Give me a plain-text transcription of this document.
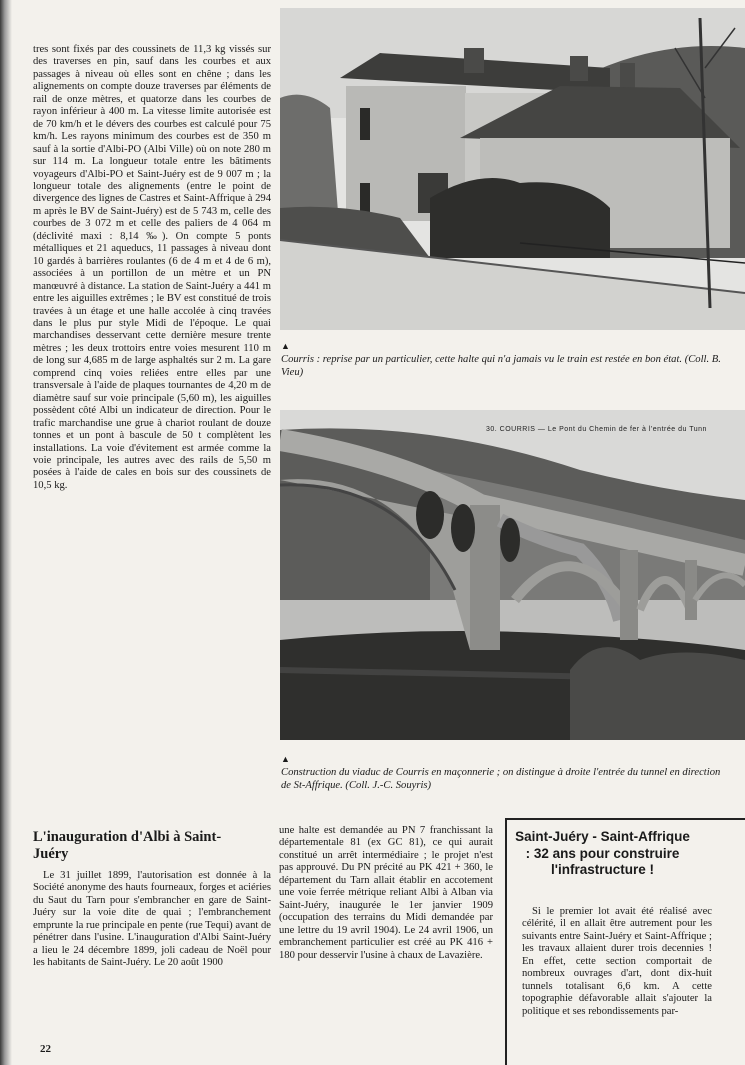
tres sont fixés par des coussinets de 11,3 kg vissés sur des traverses en pin, sauf dans les courbes et aux passages à niveau où elles sont en chêne ; dans les alignements on compte douze traverses par éléments de rail de onze mètres, et quatorze dans les courbes de rayon inférieur à 400 m. La vitesse limite autorisée est de 70 km/h et le dévers des courbes est calculé pour 75 km/h. Les rayons minimum des courbes est de 350 m sauf à la sortie d'Albi-PO (Albi Ville) où on note 280 m sur 114 m. La longueur totale entre les bâtiments voyageurs d'Albi-PO et Saint-Juéry est de 9 007 m ; la longueur totale des alignements (entre le point de divergence des lignes de Castres et Saint-Affrique à 294 m après le BV de Saint-Juéry) est de 5 743 m, celle des courbes de 3 072 m et celle des paliers de 4 064 m (déclivité maxi : 8,14 ‰). On compte 5 ponts métalliques et 21 aqueducs, 11 passages à niveau dont 10 gardés à barrières roulantes (6 de 4 m et 4 de 6 m), associées à un portillon de un mètre et un PN manœuvré à distance. La station de Saint-Juéry a 441 m entre les aiguilles extrêmes ; le BV est constitué de trois travées à un étage et une halle accolée à cinq travées dans le plus pur style Midi de l'époque. Le quai marchandises desservant cette dernière mesure trente mètres ; les deux trottoirs entre voies mesurent 110 m de long sur 4,685 m de large asphaltés sur 2 m. La gare comprend cinq voies reliées entre elles par une transversale à l'aide de plaques tournantes de 4,20 m de diamètre sauf sur voie principale (5,60 m), les aiguilles possèdent côté Albi un indicateur de direction. Pour le trafic marchandise une grue à chariot roulant de douze tonnes et un pont à bascule de 50 t complètent les installations. La voie d'évitement est armée comme la voie principale, les autres avec des rails de 5,50 m posées à l'aide de cales en bois sur des coussinets de 10,5 kg.

▲
Courris : reprise par un particulier, cette halte qui n'a jamais vu le train est restée en bon état. (Coll. B. Vieu)

30. COURRIS — Le Pont du Chemin de fer à l'entrée du Tunn

▲
Construction du viaduc de Courris en maçonnerie ; on distingue à droite l'entrée du tunnel en direction de St-Affrique. (Coll. J.-C. Souyris)

L'inauguration d'Albi à Saint-Juéry

Le 31 juillet 1899, l'autorisation est donnée à la Société anonyme des hauts fourneaux, forges et aciéries du Saut du Tarn pour s'embrancher en gare de Saint-Juéry sur la voie dite de quai ; l'embranchement emprunte la rue principale en pente (rue Tequi) avant de pénétrer dans l'usine. L'inauguration d'Albi Saint-Juéry a lieu le 24 décembre 1899, joli cadeau de Noël pour les habitants de Saint-Juéry. Le 20 août 1900

une halte est demandée au PN 7 franchissant la départementale 81 (ex GC 81), ce qui aurait constitué un arrêt intermédiaire ; le projet n'est pas approuvé. Du PN précité au PK 421 + 360, le département du Tarn allait établir en accotement une voie ferrée métrique reliant Albi à Alban via Saint-Juéry, inaugurée le 1er janvier 1909 (occupation des terrains du Midi demandée par une lettre du 19 avril 1904). Le 24 avril 1906, un embranchement particulier est créé au PK 416 + 180 pour desservir l'usine à chaux de Lavazière.

Saint-Juéry - Saint-Affrique : 32 ans pour construire l'infrastructure !

Si le premier lot avait été réalisé avec célérité, il en allait être autrement pour les suivants entre Saint-Juéry et Saint-Affrique ; les travaux allaient durer trois decennies ! En effet, cette section comportait de nombreux ouvrages d'art, dont dix-huit tunnels totalisant 6,6 km. A cette topographie défavorable allait s'ajouter la politique et ses rebondissements par-

22
